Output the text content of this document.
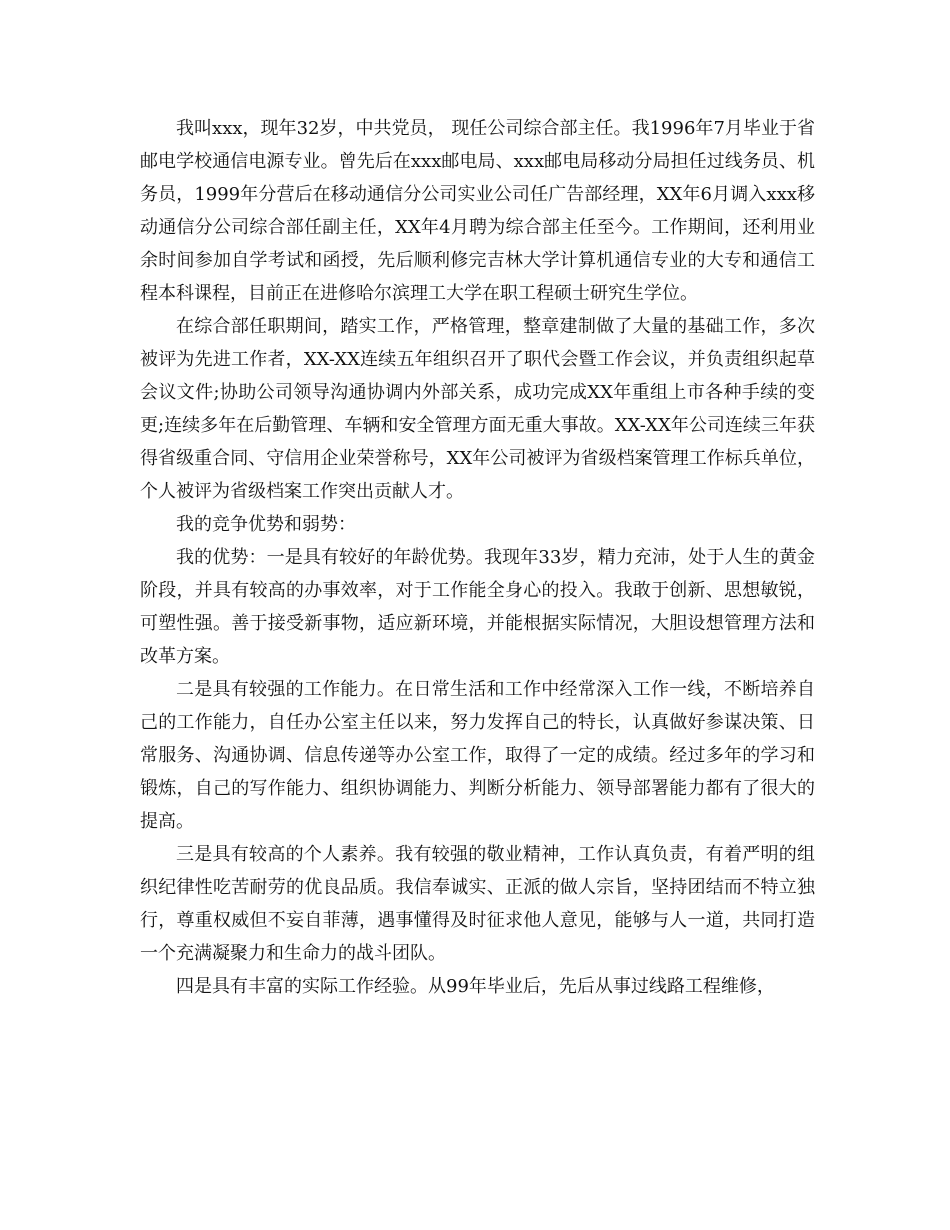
我叫xxx，现年32岁，中共党员， 现任公司综合部主任。我1996年7月毕业于省邮电学校通信电源专业。曾先后在xxx邮电局、xxx邮电局移动分局担任过线务员、机务员，1999年分营后在移动通信分公司实业公司任广告部经理，XX年6月调入xxx移动通信分公司综合部任副主任，XX年4月聘为综合部主任至今。工作期间，还利用业余时间参加自学考试和函授，先后顺利修完吉林大学计算机通信专业的大专和通信工程本科课程，目前正在进修哈尔滨理工大学在职工程硕士研究生学位。

在综合部任职期间，踏实工作，严格管理，整章建制做了大量的基础工作，多次被评为先进工作者，XX-XX连续五年组织召开了职代会暨工作会议，并负责组织起草会议文件;协助公司领导沟通协调内外部关系，成功完成XX年重组上市各种手续的变更;连续多年在后勤管理、车辆和安全管理方面无重大事故。XX-XX年公司连续三年获得省级重合同、守信用企业荣誉称号，XX年公司被评为省级档案管理工作标兵单位，个人被评为省级档案工作突出贡献人才。

我的竞争优势和弱势：

我的优势：一是具有较好的年龄优势。我现年33岁，精力充沛，处于人生的黄金阶段，并具有较高的办事效率，对于工作能全身心的投入。我敢于创新、思想敏锐，可塑性强。善于接受新事物，适应新环境，并能根据实际情况，大胆设想管理方法和改革方案。

二是具有较强的工作能力。在日常生活和工作中经常深入工作一线，不断培养自己的工作能力，自任办公室主任以来，努力发挥自己的特长，认真做好参谋决策、日常服务、沟通协调、信息传递等办公室工作，取得了一定的成绩。经过多年的学习和锻炼，自己的写作能力、组织协调能力、判断分析能力、领导部署能力都有了很大的提高。

三是具有较高的个人素养。我有较强的敬业精神，工作认真负责，有着严明的组织纪律性吃苦耐劳的优良品质。我信奉诚实、正派的做人宗旨，坚持团结而不特立独行，尊重权威但不妄自菲薄，遇事懂得及时征求他人意见，能够与人一道，共同打造一个充满凝聚力和生命力的战斗团队。

四是具有丰富的实际工作经验。从99年毕业后，先后从事过线路工程维修，
